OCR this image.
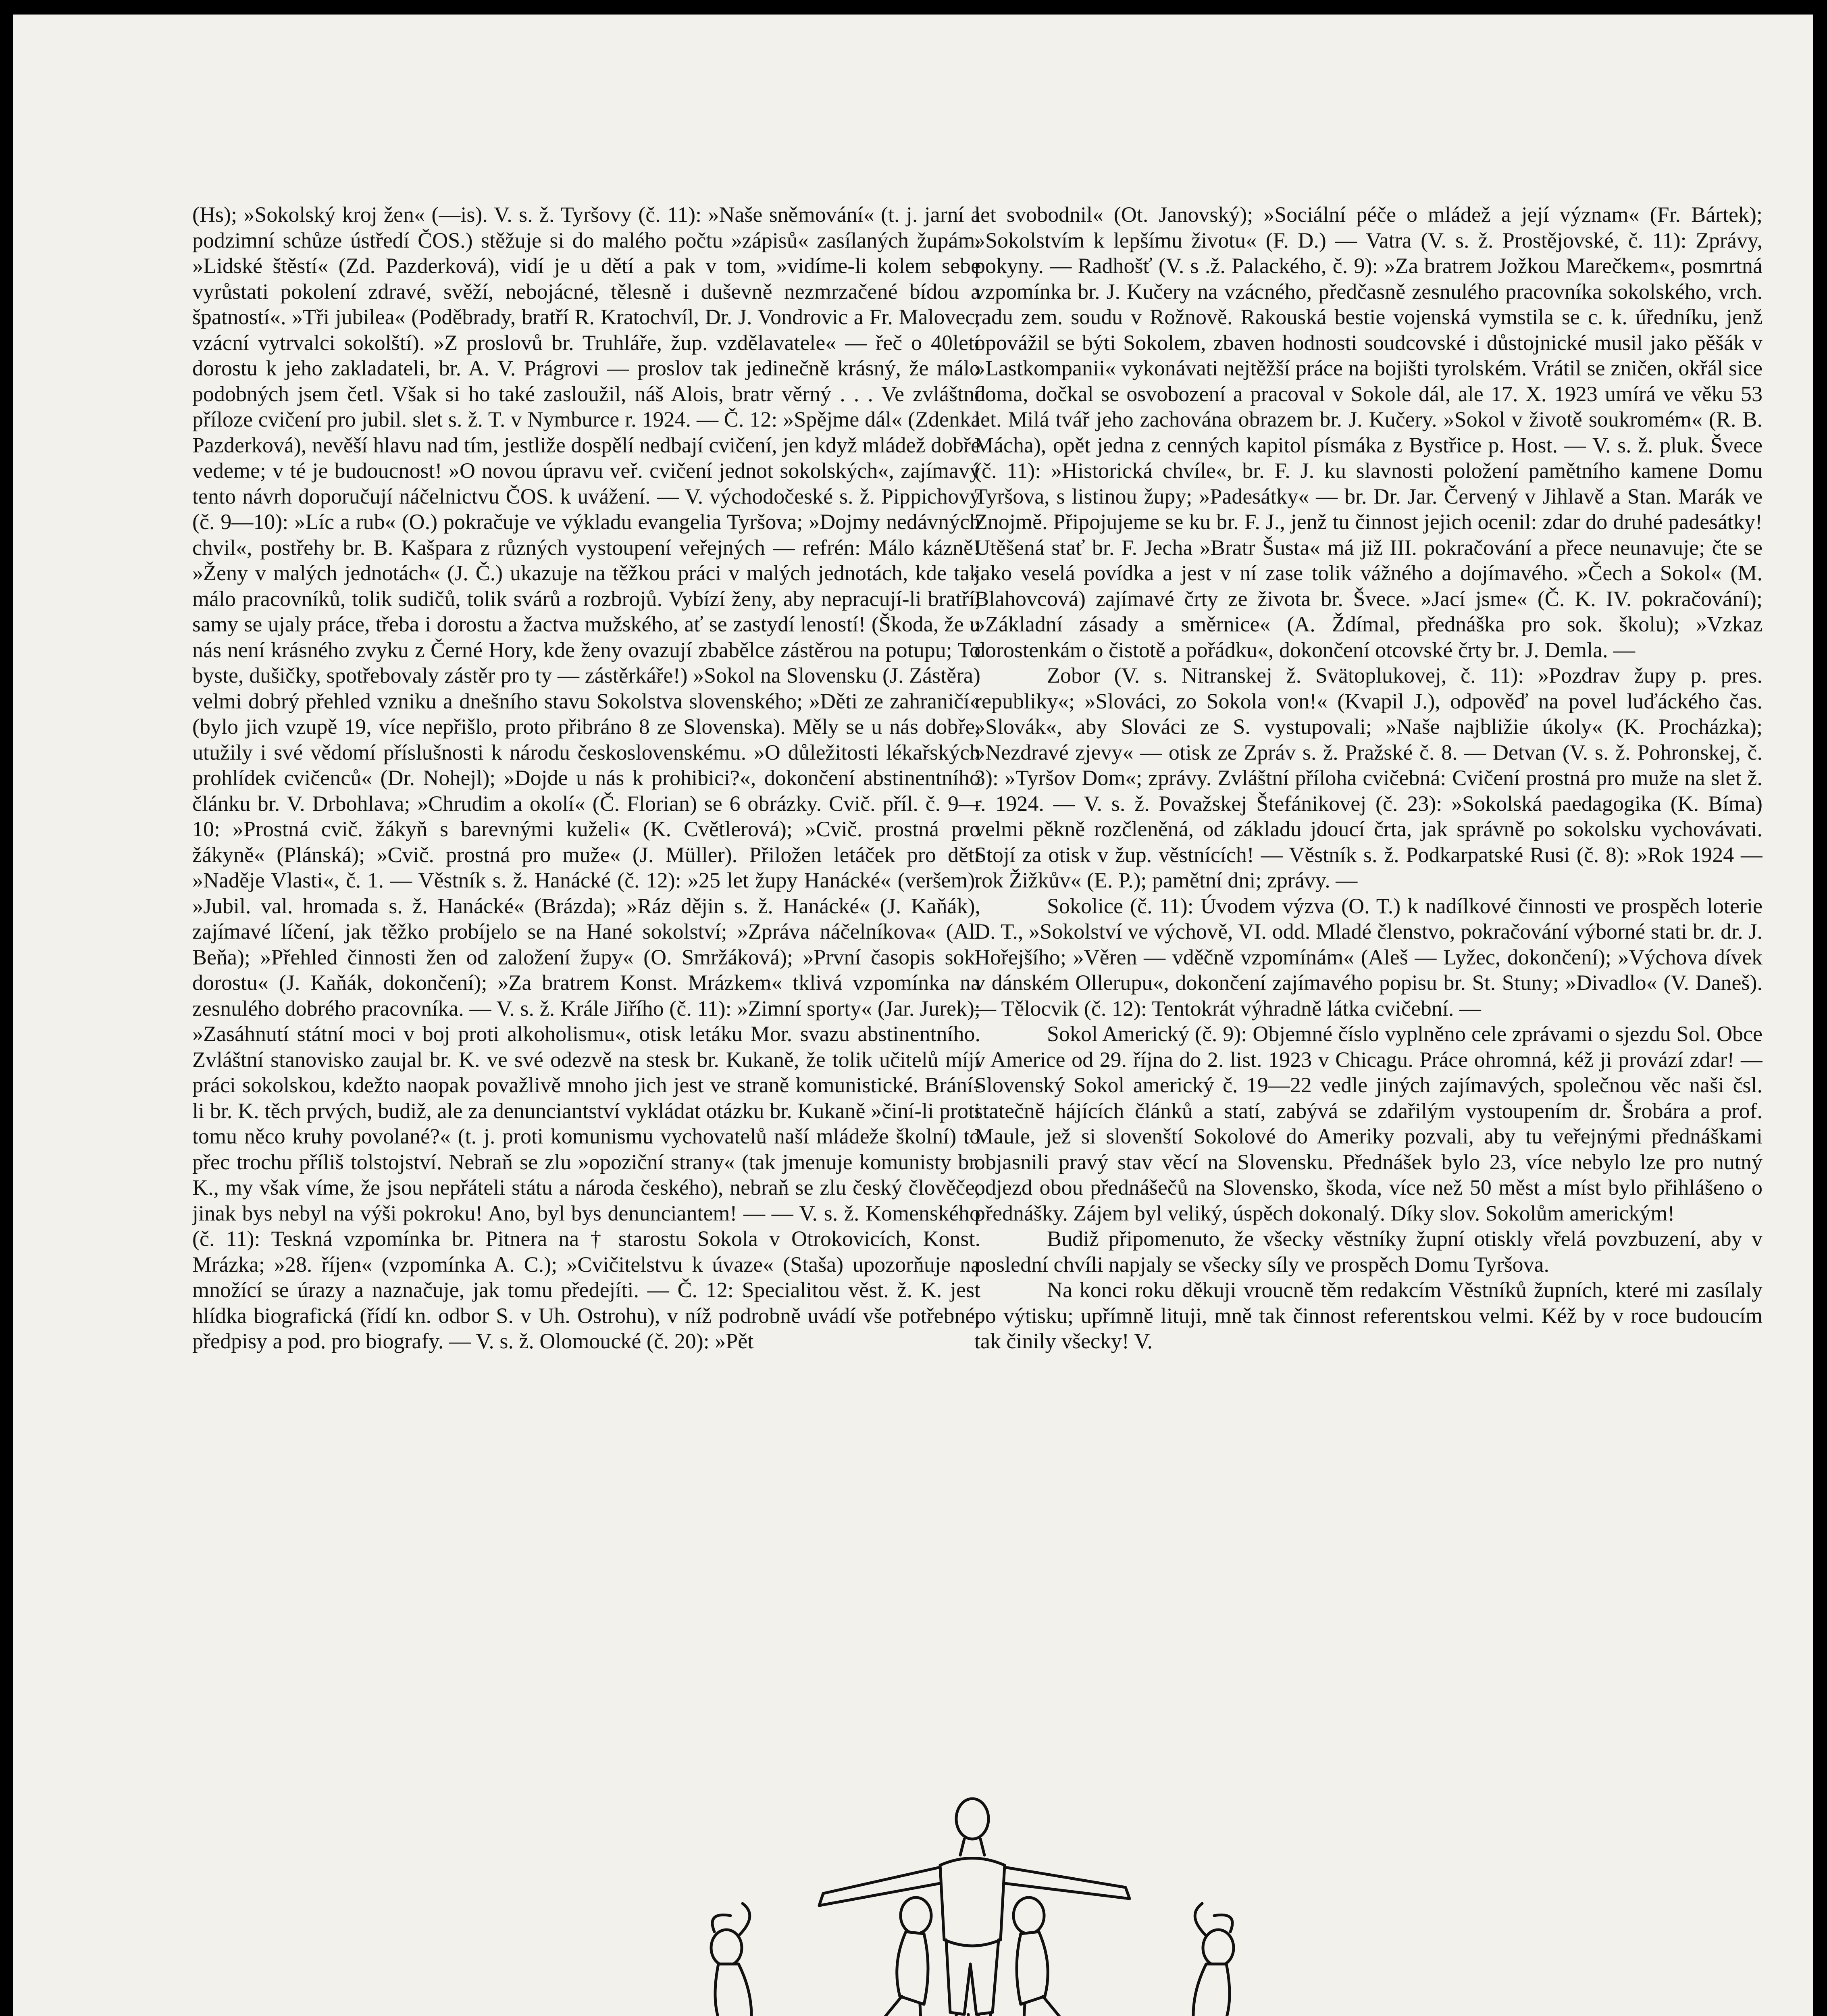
(Hs); »Sokolský kroj žen« (—is). V. s. ž. Tyršovy (č. 11): »Naše sněmování« (t. j. jarní a podzimní schůze ústředí ČOS.) stěžuje si do malého počtu »zápisů« zasílaných župám. »Lidské štěstí« (Zd. Pazderková), vidí je u dětí a pak v tom, »vidíme-li kolem sebe vyrůstati pokolení zdravé, svěží, nebojácné, tělesně i duševně nezmrzačené bídou a špatností«. »Tři jubilea« (Poděbrady, bratří R. Kratochvíl, Dr. J. Vondrovic a Fr. Malovec, vzácní vytrvalci sokolští). »Z proslovů br. Truhláře, žup. vzdělavatele« — řeč o 40letí dorostu k jeho zakladateli, br. A. V. Prágrovi — proslov tak jedinečně krásný, že málo podobných jsem četl. Však si ho také zasloužil, náš Alois, bratr věrný . . . Ve zvláštní příloze cvičení pro jubil. slet s. ž. T. v Nymburce r. 1924. — Č. 12: »Spějme dál« (Zdenka Pazderková), nevěší hlavu nad tím, jestliže dospělí nedbají cvičení, jen když mládež dobře vedeme; v té je budoucnost! »O novou úpravu veř. cvičení jednot sokolských«, zajímavý tento návrh doporučují náčelnictvu ČOS. k uvážení. — V. východočeské s. ž. Pippichovy (č. 9—10): »Líc a rub« (O.) pokračuje ve výkladu evangelia Tyršova; »Dojmy nedávných chvil«, postřehy br. B. Kašpara z různých vystoupení veřejných — refrén: Málo kázně! »Ženy v malých jednotách« (J. Č.) ukazuje na těžkou práci v malých jednotách, kde tak málo pracovníků, tolik sudičů, tolik svárů a rozbrojů. Vybízí ženy, aby nepracují-li bratří, samy se ujaly práce, třeba i dorostu a žactva mužského, ať se zastydí leností! (Škoda, že u nás není krásného zvyku z Černé Hory, kde ženy ovazují zbabělce zástěrou na potupu; To byste, dušičky, spotřebovaly zástěr pro ty — zástěrkáře!) »Sokol na Slovensku (J. Zástěra) velmi dobrý přehled vzniku a dnešního stavu Sokolstva slovenského; »Děti ze zahraničí« (bylo jich vzupě 19, více nepřišlo, proto přibráno 8 ze Slovenska). Měly se u nás dobře, utužily i své vědomí příslušnosti k národu československému. »O důležitosti lékařských prohlídek cvičenců« (Dr. Nohejl); »Dojde u nás k prohibici?«, dokončení abstinentního článku br. V. Drbohlava; »Chrudim a okolí« (Č. Florian) se 6 obrázky. Cvič. příl. č. 9—10: »Prostná cvič. žákyň s barevnými kuželi« (K. Cvětlerová); »Cvič. prostná pro žákyně« (Plánská); »Cvič. prostná pro muže« (J. Müller). Přiložen letáček pro děti »Naděje Vlasti«, č. 1. — Věstník s. ž. Hanácké (č. 12): »25 let župy Hanácké« (veršem). »Jubil. val. hromada s. ž. Hanácké« (Brázda); »Ráz dějin s. ž. Hanácké« (J. Kaňák), zajímavé líčení, jak těžko probíjelo se na Hané sokolství; »Zpráva náčelníkova« (Al. Beňa); »Přehled činnosti žen od založení župy« (O. Smržáková); »První časopis sok. dorostu« (J. Kaňák, dokončení); »Za bratrem Konst. Mrázkem« tklivá vzpomínka na zesnulého dobrého pracovníka. — V. s. ž. Krále Jiřího (č. 11): »Zimní sporty« (Jar. Jurek); »Zasáhnutí státní moci v boj proti alkoholismu«, otisk letáku Mor. svazu abstinentního. Zvláštní stanovisko zaujal br. K. ve své odezvě na stesk br. Kukaně, že tolik učitelů míjí práci sokolskou, kdežto naopak považlivě mnoho jich jest ve straně komunistické. Brání-li br. K. těch prvých, budiž, ale za denunciantství vykládat otázku br. Kukaně »činí-li proti tomu něco kruhy povolané?« (t. j. proti komunismu vychovatelů naší mládeže školní) to přec trochu příliš tolstojství. Nebraň se zlu »opoziční strany« (tak jmenuje komunisty br. K., my však víme, že jsou nepřáteli státu a národa českého), nebraň se zlu český člověče, jinak bys nebyl na výši pokroku! Ano, byl bys denunciantem! — — V. s. ž. Komenského (č. 11): Teskná vzpomínka br. Pitnera na † starostu Sokola v Otrokovicích, Konst. Mrázka; »28. říjen« (vzpomínka A. C.); »Cvičitelstvu k úvaze« (Staša) upozorňuje na množící se úrazy a naznačuje, jak tomu předejíti. — Č. 12: Specialitou věst. ž. K. jest hlídka biografická (řídí kn. odbor S. v Uh. Ostrohu), v níž podrobně uvádí vše potřebné, předpisy a pod. pro biografy. — V. s. ž. Olomoucké (č. 20): »Pět

let svobodnil« (Ot. Janovský); »Sociální péče o mládež a její význam« (Fr. Bártek); »Sokolstvím k lepšímu životu« (F. D.) — Vatra (V. s. ž. Prostějovské, č. 11): Zprávy, pokyny. — Radhošť (V. s .ž. Palackého, č. 9): »Za bratrem Jožkou Marečkem«, posmrtná vzpomínka br. J. Kučery na vzácného, předčasně zesnulého pracovníka sokolského, vrch. radu zem. soudu v Rožnově. Rakouská bestie vojenská vymstila se c. k. úředníku, jenž opovážil se býti Sokolem, zbaven hodnosti soudcovské i důstojnické musil jako pěšák v »Lastkompanii« vykonávati nejtěžší práce na bojišti tyrolském. Vrátil se zničen, okřál sice doma, dočkal se osvobození a pracoval v Sokole dál, ale 17. X. 1923 umírá ve věku 53 let. Milá tvář jeho zachována obrazem br. J. Kučery. »Sokol v životě soukromém« (R. B. Mácha), opět jedna z cenných kapitol písmáka z Bystřice p. Host. — V. s. ž. pluk. Švece (č. 11): »Historická chvíle«, br. F. J. ku slavnosti položení pamětního kamene Domu Tyršova, s listinou župy; »Padesátky« — br. Dr. Jar. Červený v Jihlavě a Stan. Marák ve Znojmě. Připojujeme se ku br. F. J., jenž tu činnost jejich ocenil: zdar do druhé padesátky! Utěšená stať br. F. Jecha »Bratr Šusta« má již III. pokračování a přece neunavuje; čte se jako veselá povídka a jest v ní zase tolik vážného a dojímavého. »Čech a Sokol« (M. Blahovcová) zajímavé črty ze života br. Švece. »Jací jsme« (Č. K. IV. pokračování); »Základní zásady a směrnice« (A. Ždímal, přednáška pro sok. školu); »Vzkaz dorostenkám o čistotě a pořádku«, dokončení otcovské črty br. J. Demla. —

Zobor (V. s. Nitranskej ž. Svätoplukovej, č. 11): »Pozdrav župy p. pres. republiky«; »Slováci, zo Sokola von!« (Kvapil J.), odpověď na povel luďáckého čas. »Slovák«, aby Slováci ze S. vystupovali; »Naše najbližie úkoly« (K. Procházka); »Nezdravé zjevy« — otisk ze Zpráv s. ž. Pražské č. 8. — Detvan (V. s. ž. Pohronskej, č. 3): »Tyršov Dom«; zprávy. Zvláštní příloha cvičebná: Cvičení prostná pro muže na slet ž. r. 1924. — V. s. ž. Považskej Štefánikovej (č. 23): »Sokolská paedagogika (K. Bíma) velmi pěkně rozčleněná, od základu jdoucí črta, jak správně po sokolsku vychovávati. Stojí za otisk v žup. věstnících! — Věstník s. ž. Podkarpatské Rusi (č. 8): »Rok 1924 — rok Žižkův« (E. P.); pamětní dni; zprávy. —

Sokolice (č. 11): Úvodem výzva (O. T.) k nadílkové činnosti ve prospěch loterie D. T., »Sokolství ve výchově, VI. odd. Mladé členstvo, pokračování výborné stati br. dr. J. Hořejšího; »Věren — vděčně vzpomínám« (Aleš — Lyžec, dokončení); »Výchova dívek v dánském Ollerupu«, dokončení zajímavého popisu br. St. Stuny; »Divadlo« (V. Daneš). — Tělocvik (č. 12): Tentokrát výhradně látka cvičební. —

Sokol Americký (č. 9): Objemné číslo vyplněno cele zprávami o sjezdu Sol. Obce v Americe od 29. října do 2. list. 1923 v Chicagu. Práce ohromná, kéž ji provází zdar! —Slovenský Sokol americký č. 19—22 vedle jiných zajímavých, společnou věc naši čsl. statečně hájících článků a statí, zabývá se zdařilým vystoupením dr. Šrobára a prof. Maule, jež si slovenští Sokolové do Ameriky pozvali, aby tu veřejnými přednáškami objasnili pravý stav věcí na Slovensku. Přednášek bylo 23, více nebylo lze pro nutný odjezd obou přednášečů na Slovensko, škoda, více než 50 měst a míst bylo přihlášeno o přednášky. Zájem byl veliký, úspěch dokonalý. Díky slov. Sokolům americkým!

Budiž připomenuto, že všecky věstníky župní otiskly vřelá povzbuzení, aby v poslední chvíli napjaly se všecky síly ve prospěch Domu Tyršova.

Na konci roku děkuji vroucně těm redakcím Věstníků župních, které mi zasílaly po výtisku; upřímně lituji, mně tak činnost referentskou velmi. Kéž by v roce budoucím tak činily všecky! V.
